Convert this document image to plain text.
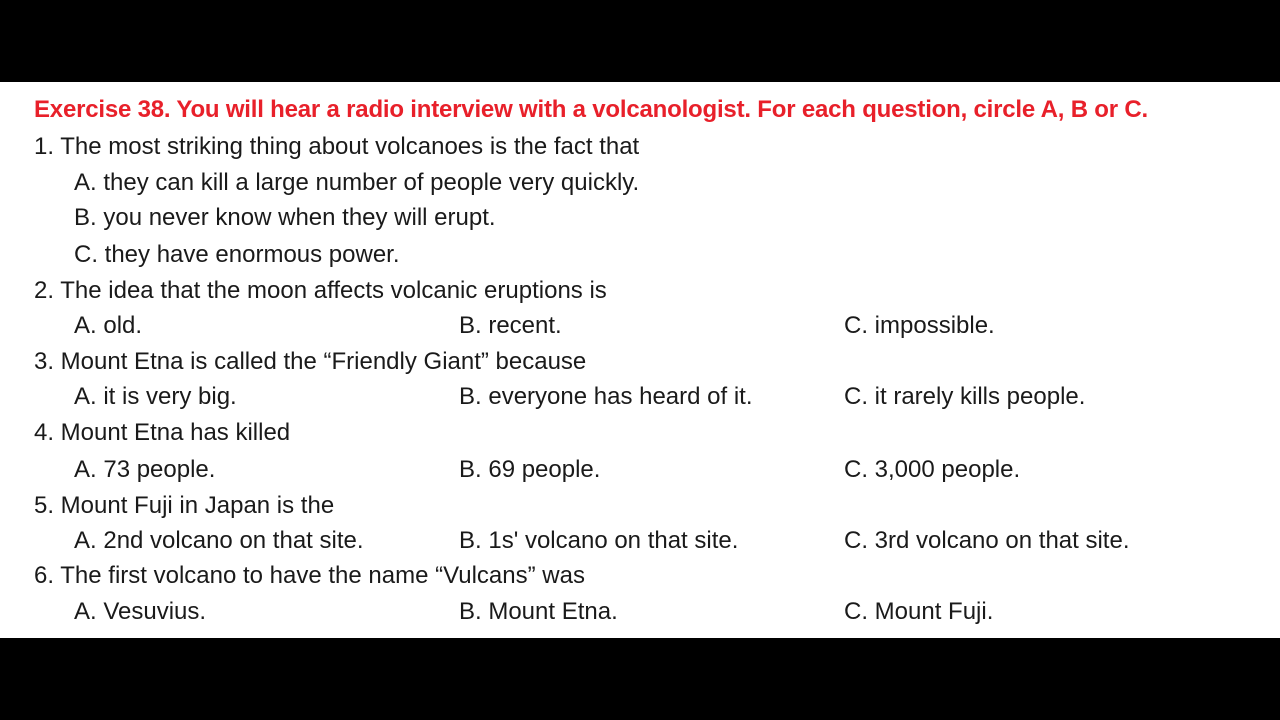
Exercise 38. You will hear a radio interview with a volcanologist. For each question, circle A, B or C.
1. The most striking thing about volcanoes is the fact that
A. they can kill a large number of people very quickly.
B. you never know when they will erupt.
C. they have enormous power.
2. The idea that the moon affects volcanic eruptions is
A. old.	B. recent.	C. impossible.
3. Mount Etna is called the “Friendly Giant” because
A. it is very big.	B. everyone has heard of it.	C. it rarely kills people.
4. Mount Etna has killed
A. 73 people.	B. 69 people.	C. 3,000 people.
5. Mount Fuji in Japan is the
A. 2nd volcano on that site.	B. 1s' volcano on that site.	C. 3rd volcano on that site.
6. The first volcano to have the name “Vulcans” was
A. Vesuvius.	B. Mount Etna.	C. Mount Fuji.
